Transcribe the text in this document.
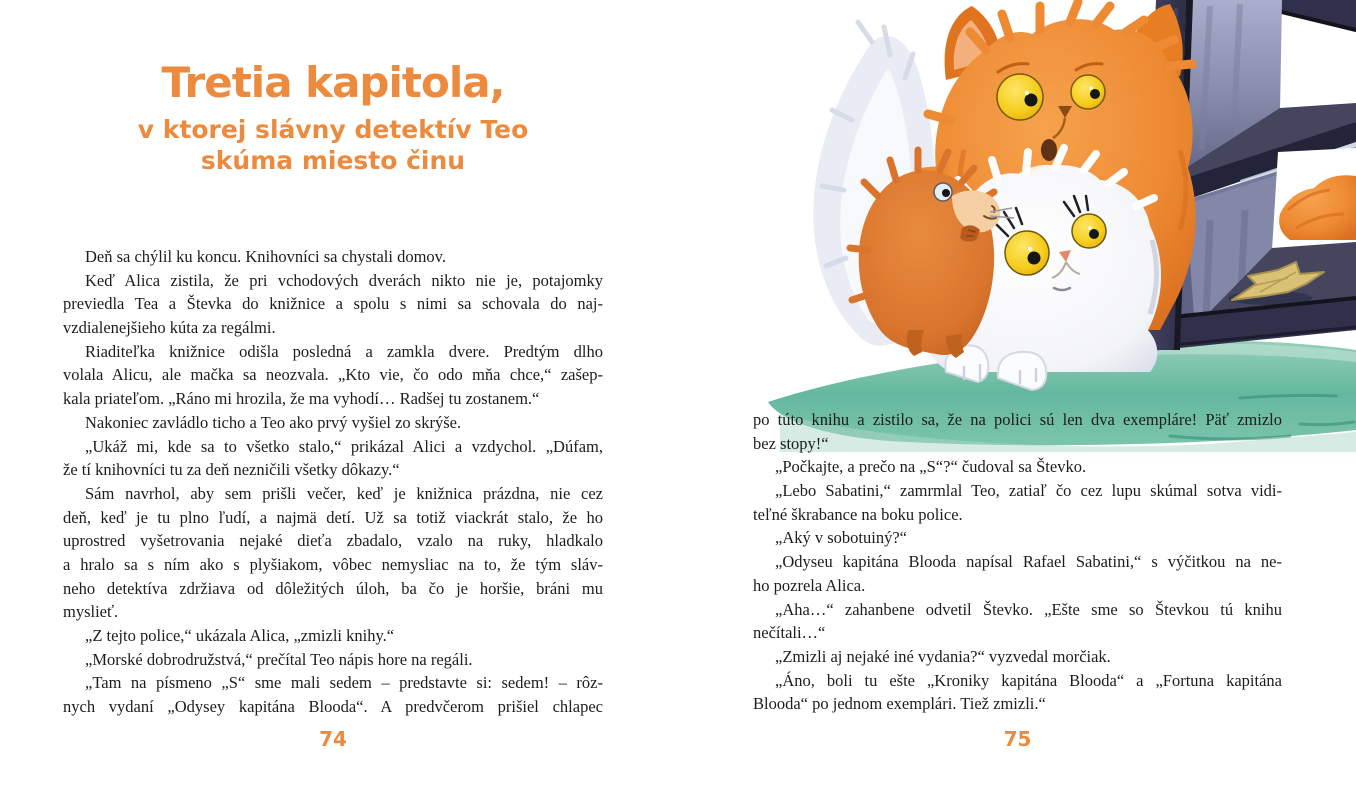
Tretia kapitola,
v ktorej slávny detektív Teo
skúma miesto činu
Deň sa chýlil ku koncu. Knihovníci sa chystali domov.
Keď Alica zistila, že pri vchodových dverách nikto nie je, potajomky
previedla Tea a Števka do knižnice a spolu s nimi sa schovala do naj-
vzdialenejšieho kúta za regálmi.
Riaditeľka knižnice odišla posledná a zamkla dvere. Predtým dlho
volala Alicu, ale mačka sa neozvala. „Kto vie, čo odo mňa chce,“ zašep-
kala priateľom. „Ráno mi hrozila, že ma vyhodí… Radšej tu zostanem.“
Nakoniec zavládlo ticho a Teo ako prvý vyšiel zo skrýše.
„Ukáž mi, kde sa to všetko stalo,“ prikázal Alici a vzdychol. „Dúfam,
že tí knihovníci tu za deň nezničili všetky dôkazy.“
Sám navrhol, aby sem prišli večer, keď je knižnica prázdna, nie cez
deň, keď je tu plno ľudí, a najmä detí. Už sa totiž viackrát stalo, že ho
uprostred vyšetrovania nejaké dieťa zbadalo, vzalo na ruky, hladkalo
a hralo sa s ním ako s plyšiakom, vôbec nemysliac na to, že tým sláv-
neho detektíva zdržiava od dôležitých úloh, ba čo je horšie, bráni mu
myslieť.
„Z tejto police,“ ukázala Alica, „zmizli knihy.“
„Morské dobrodružstvá,“ prečítal Teo nápis hore na regáli.
„Tam na písmeno „S“ sme mali sedem – predstavte si: sedem! – rôz-
nych vydaní „Odysey kapitána Blooda“. A predvčerom prišiel chlapec
74
po túto knihu a zistilo sa, že na polici sú len dva exempláre! Päť zmizlo
bez stopy!“
„Počkajte, a prečo na „S“?“ čudoval sa Števko.
„Lebo Sabatini,“ zamrmlal Teo, zatiaľ čo cez lupu skúmal sotva vidi-
teľné škrabance na boku police.
„Aký v sobotuiný?“
„Odyseu kapitána Blooda napísal Rafael Sabatini,“ s výčitkou na ne-
ho pozrela Alica.
„Aha…“ zahanbene odvetil Števko. „Ešte sme so Števkou tú knihu
nečítali…“
„Zmizli aj nejaké iné vydania?“ vyzvedal morčiak.
„Áno, boli tu ešte „Kroniky kapitána Blooda“ a „Fortuna kapitána
Blooda“ po jednom exemplári. Tiež zmizli.“
75
